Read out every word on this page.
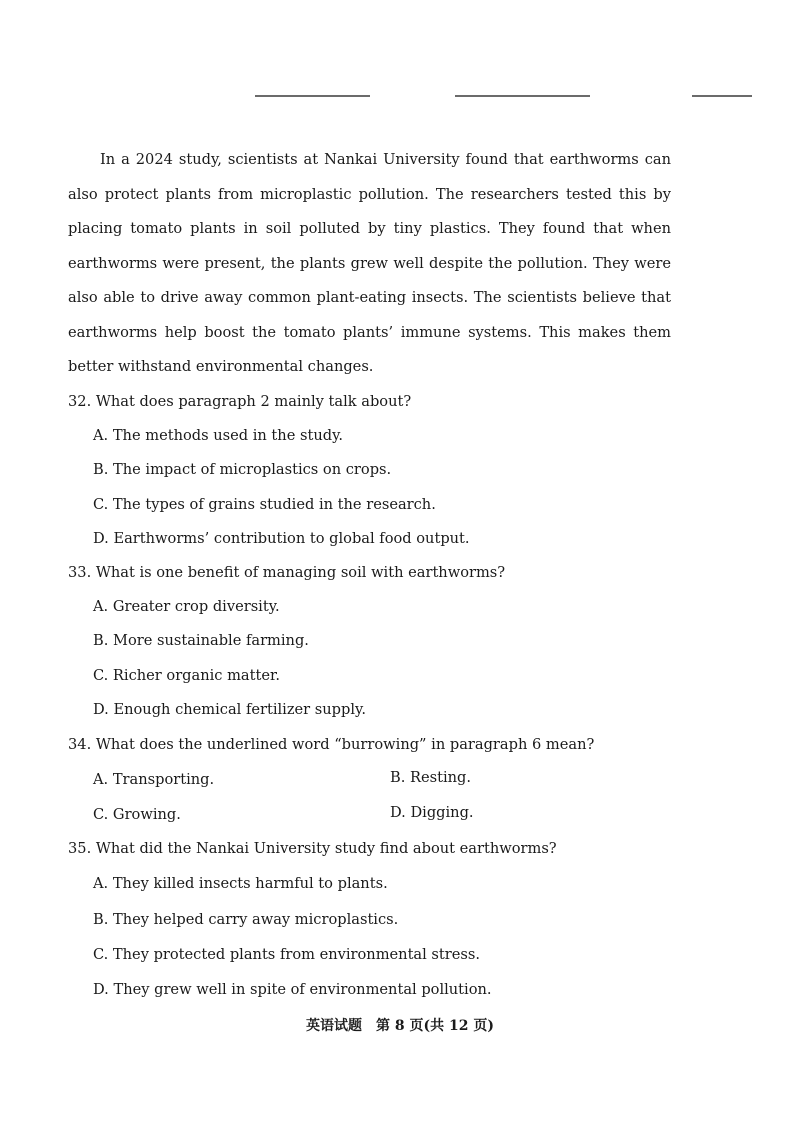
In a 2024 study, scientists at Nankai University found that earthworms can also protect plants from microplastic pollution. The researchers tested this by placing tomato plants in soil polluted by tiny plastics. They found that when earthworms were present, the plants grew well despite the pollution. They were also able to drive away common plant-eating insects. The scientists believe that earthworms help boost the tomato plants’ immune systems. This makes them better withstand environmental changes.

32. What does paragraph 2 mainly talk about?

A. The methods used in the study.

B. The impact of microplastics on crops.

C. The types of grains studied in the research.

D. Earthworms’ contribution to global food output.

33. What is one benefit of managing soil with earthworms?

A. Greater crop diversity.

B. More sustainable farming.

C. Richer organic matter.

D. Enough chemical fertilizer supply.

34. What does the underlined word “burrowing” in paragraph 6 mean?

A. Transporting.	B. Resting.

C. Growing.	D. Digging.

35. What did the Nankai University study find about earthworms?

A. They killed insects harmful to plants.

B. They helped carry away microplastics.

C. They protected plants from environmental stress.

D. They grew well in spite of environmental pollution.

英语试题　第 8 页(共 12 页)
